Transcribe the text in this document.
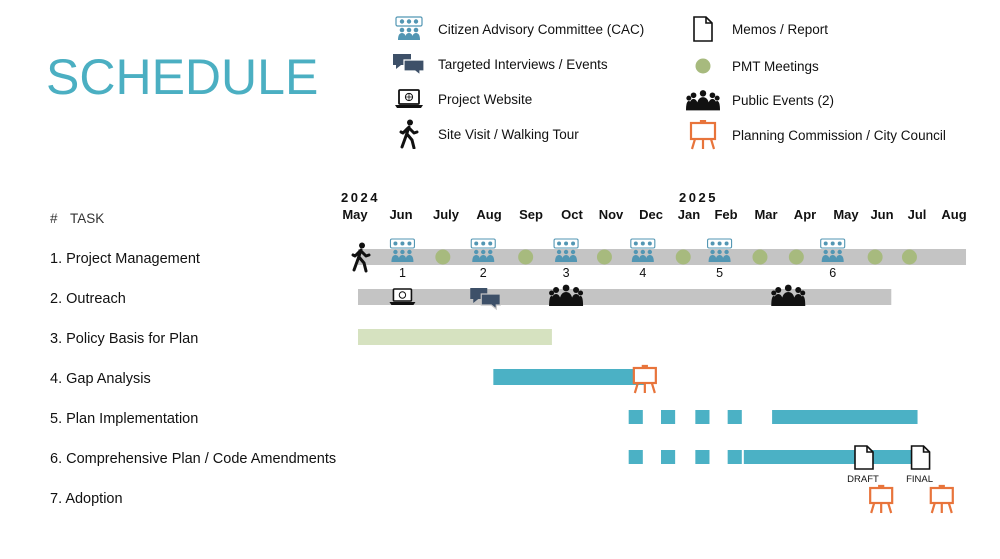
SCHEDULE
Citizen Advisory Committee (CAC)
Targeted Interviews / Events
Project Website
Site Visit / Walking Tour
Memos / Report
PMT Meetings
Public Events (2)
Planning Commission / City Council
# TASK
2024	2025
May Jun July Aug Sep Oct Nov Dec Jan Feb Mar Apr May Jun Jul Aug
1. Project Management
2. Outreach
3. Policy Basis for Plan
4. Gap Analysis
5. Plan Implementation
6. Comprehensive Plan / Code Amendments
7. Adoption
1	2	3	4	5	6
DRAFT	FINAL
